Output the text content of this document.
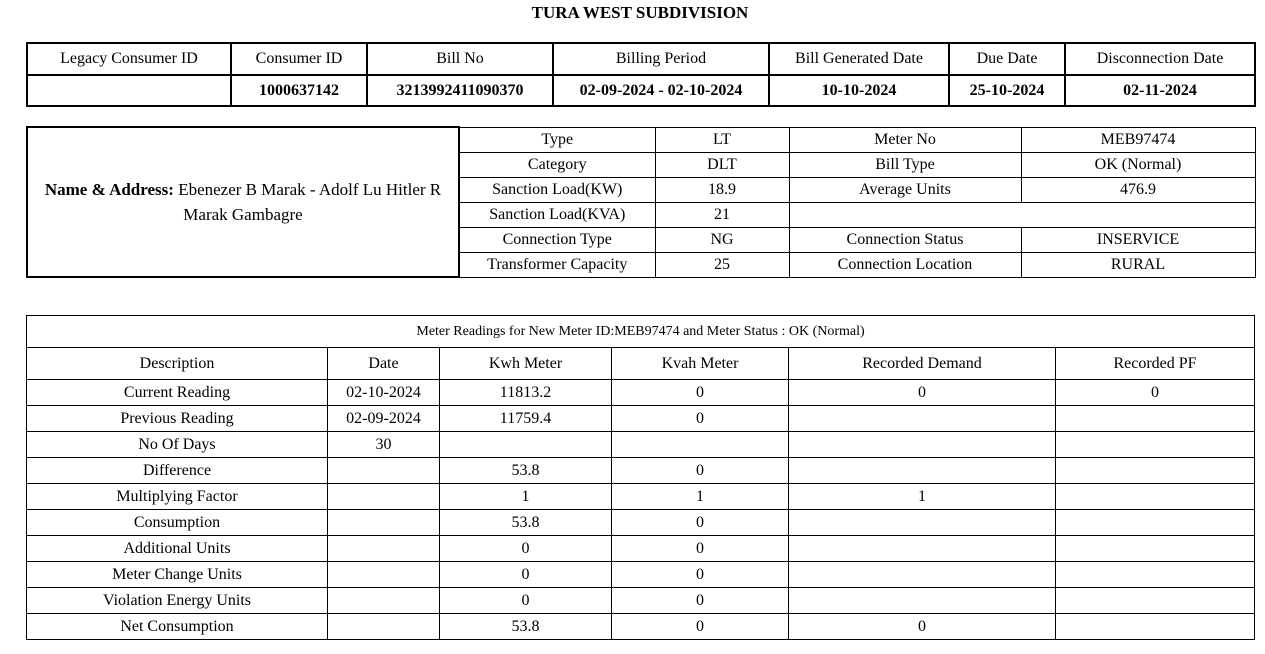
TURA WEST SUBDIVISION
Legacy Consumer ID	Consumer ID	Bill No	Billing Period	Bill Generated Date	Due Date	Disconnection Date
	1000637142	3213992411090370	02-09-2024 - 02-10-2024	10-10-2024	25-10-2024	02-11-2024
Name & Address: Ebenezer B Marak - Adolf Lu Hitler R Marak Gambagre	Type	LT	Meter No	MEB97474
	Category	DLT	Bill Type	OK (Normal)
	Sanction Load(KW)	18.9	Average Units	476.9
	Sanction Load(KVA)	21		
	Connection Type	NG	Connection Status	INSERVICE
	Transformer Capacity	25	Connection Location	RURAL
Meter Readings for New Meter ID:MEB97474 and Meter Status : OK (Normal)					
Description	Date	Kwh Meter	Kvah Meter	Recorded Demand	Recorded PF
Current Reading	02-10-2024	11813.2	0	0	0
Previous Reading	02-09-2024	11759.4	0		
No Of Days	30				
Difference		53.8	0		
Multiplying Factor		1	1	1	
Consumption		53.8	0		
Additional Units		0	0		
Meter Change Units		0	0		
Violation Energy Units		0	0		
Net Consumption		53.8	0	0	
